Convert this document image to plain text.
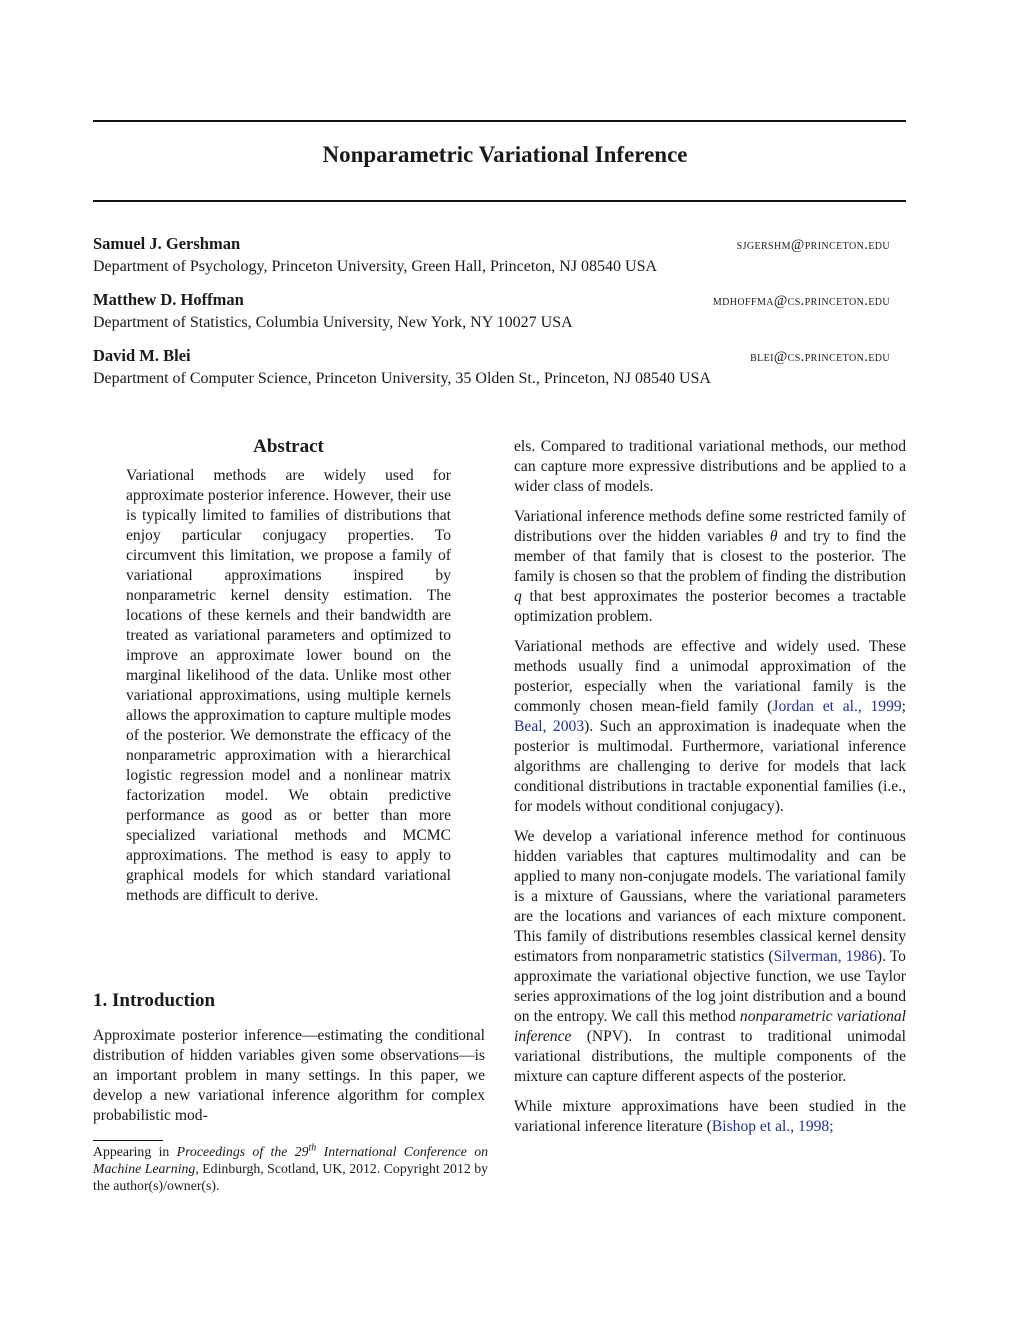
Nonparametric Variational Inference
Samuel J. Gershman	sjgershm@princeton.edu
Department of Psychology, Princeton University, Green Hall, Princeton, NJ 08540 USA
Matthew D. Hoffman	mdhoffma@cs.princeton.edu
Department of Statistics, Columbia University, New York, NY 10027 USA
David M. Blei	blei@cs.princeton.edu
Department of Computer Science, Princeton University, 35 Olden St., Princeton, NJ 08540 USA
Abstract

Variational methods are widely used for approximate posterior inference. However, their use is typically limited to families of distributions that enjoy particular conjugacy properties. To circumvent this limitation, we propose a family of variational approximations inspired by nonparametric kernel density estimation. The locations of these kernels and their bandwidth are treated as variational parameters and optimized to improve an approximate lower bound on the marginal likelihood of the data. Unlike most other variational approximations, using multiple kernels allows the approximation to capture multiple modes of the posterior. We demonstrate the efficacy of the nonparametric approximation with a hierarchical logistic regression model and a nonlinear matrix factorization model. We obtain predictive performance as good as or better than more specialized variational methods and MCMC approximations. The method is easy to apply to graphical models for which standard variational methods are difficult to derive.

1. Introduction

Approximate posterior inference—estimating the conditional distribution of hidden variables given some observations—is an important problem in many settings. In this paper, we develop a new variational inference algorithm for complex probabilistic mod-

Appearing in Proceedings of the 29th International Conference on Machine Learning, Edinburgh, Scotland, UK, 2012. Copyright 2012 by the author(s)/owner(s).

els. Compared to traditional variational methods, our method can capture more expressive distributions and be applied to a wider class of models.

Variational inference methods define some restricted family of distributions over the hidden variables θ and try to find the member of that family that is closest to the posterior. The family is chosen so that the problem of finding the distribution q that best approximates the posterior becomes a tractable optimization problem.

Variational methods are effective and widely used. These methods usually find a unimodal approximation of the posterior, especially when the variational family is the commonly chosen mean-field family (Jordan et al., 1999; Beal, 2003). Such an approximation is inadequate when the posterior is multimodal. Furthermore, variational inference algorithms are challenging to derive for models that lack conditional distributions in tractable exponential families (i.e., for models without conditional conjugacy).

We develop a variational inference method for continuous hidden variables that captures multimodality and can be applied to many non-conjugate models. The variational family is a mixture of Gaussians, where the variational parameters are the locations and variances of each mixture component. This family of distributions resembles classical kernel density estimators from nonparametric statistics (Silverman, 1986). To approximate the variational objective function, we use Taylor series approximations of the log joint distribution and a bound on the entropy. We call this method nonparametric variational inference (NPV). In contrast to traditional unimodal variational distributions, the multiple components of the mixture can capture different aspects of the posterior.

While mixture approximations have been studied in the variational inference literature (Bishop et al., 1998;
